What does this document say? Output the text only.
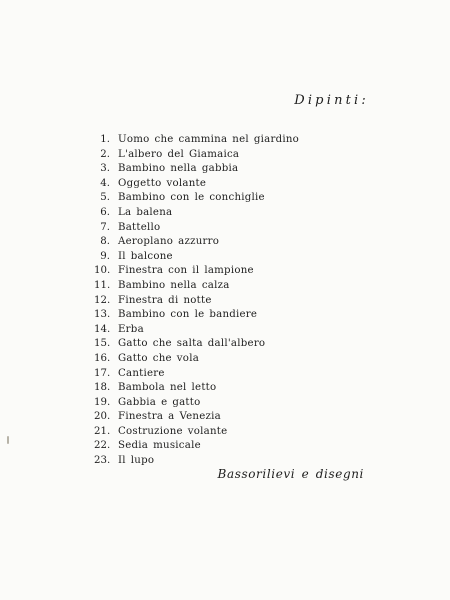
Dipinti:
1. Uomo che cammina nel giardino
2. L'albero del Giamaica
3. Bambino nella gabbia
4. Oggetto volante
5. Bambino con le conchiglie
6. La balena
7. Battello
8. Aeroplano azzurro
9. Il balcone
10. Finestra con il lampione
11. Bambino nella calza
12. Finestra di notte
13. Bambino con le bandiere
14. Erba
15. Gatto che salta dall'albero
16. Gatto che vola
17. Cantiere
18. Bambola nel letto
19. Gabbia e gatto
20. Finestra a Venezia
21. Costruzione volante
22. Sedia musicale
23. Il lupo
Bassorilievi e disegni
